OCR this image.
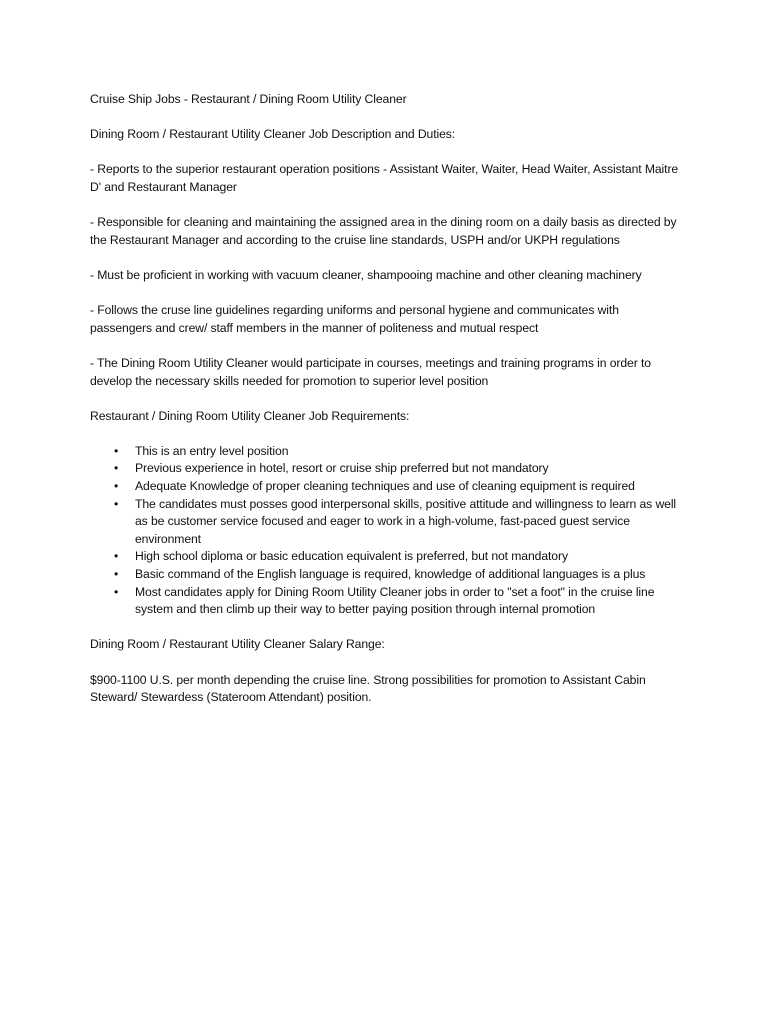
Cruise Ship Jobs - Restaurant / Dining Room Utility Cleaner

Dining Room / Restaurant Utility Cleaner Job Description and Duties:

- Reports to the superior restaurant operation positions - Assistant Waiter, Waiter, Head Waiter, Assistant Maitre D' and Restaurant Manager

- Responsible for cleaning and maintaining the assigned area in the dining room on a daily basis as directed by the Restaurant Manager and according to the cruise line standards, USPH and/or UKPH regulations

- Must be proficient in working with vacuum cleaner, shampooing machine and other cleaning machinery

- Follows the cruse line guidelines regarding uniforms and personal hygiene and communicates with passengers and crew/ staff members in the manner of politeness and mutual respect

- The Dining Room Utility Cleaner would participate in courses, meetings and training programs in order to develop the necessary skills needed for promotion to superior level position

Restaurant / Dining Room Utility Cleaner Job Requirements:

• This is an entry level position
• Previous experience in hotel, resort or cruise ship preferred but not mandatory
• Adequate Knowledge of proper cleaning techniques and use of cleaning equipment is required
• The candidates must posses good interpersonal skills, positive attitude and willingness to learn as well as be customer service focused and eager to work in a high-volume, fast-paced guest service environment
• High school diploma or basic education equivalent is preferred, but not mandatory
• Basic command of the English language is required, knowledge of additional languages is a plus
• Most candidates apply for Dining Room Utility Cleaner jobs in order to "set a foot" in the cruise line system and then climb up their way to better paying position through internal promotion

Dining Room / Restaurant Utility Cleaner Salary Range:

$900-1100 U.S. per month depending the cruise line. Strong possibilities for promotion to Assistant Cabin Steward/ Stewardess (Stateroom Attendant) position.
